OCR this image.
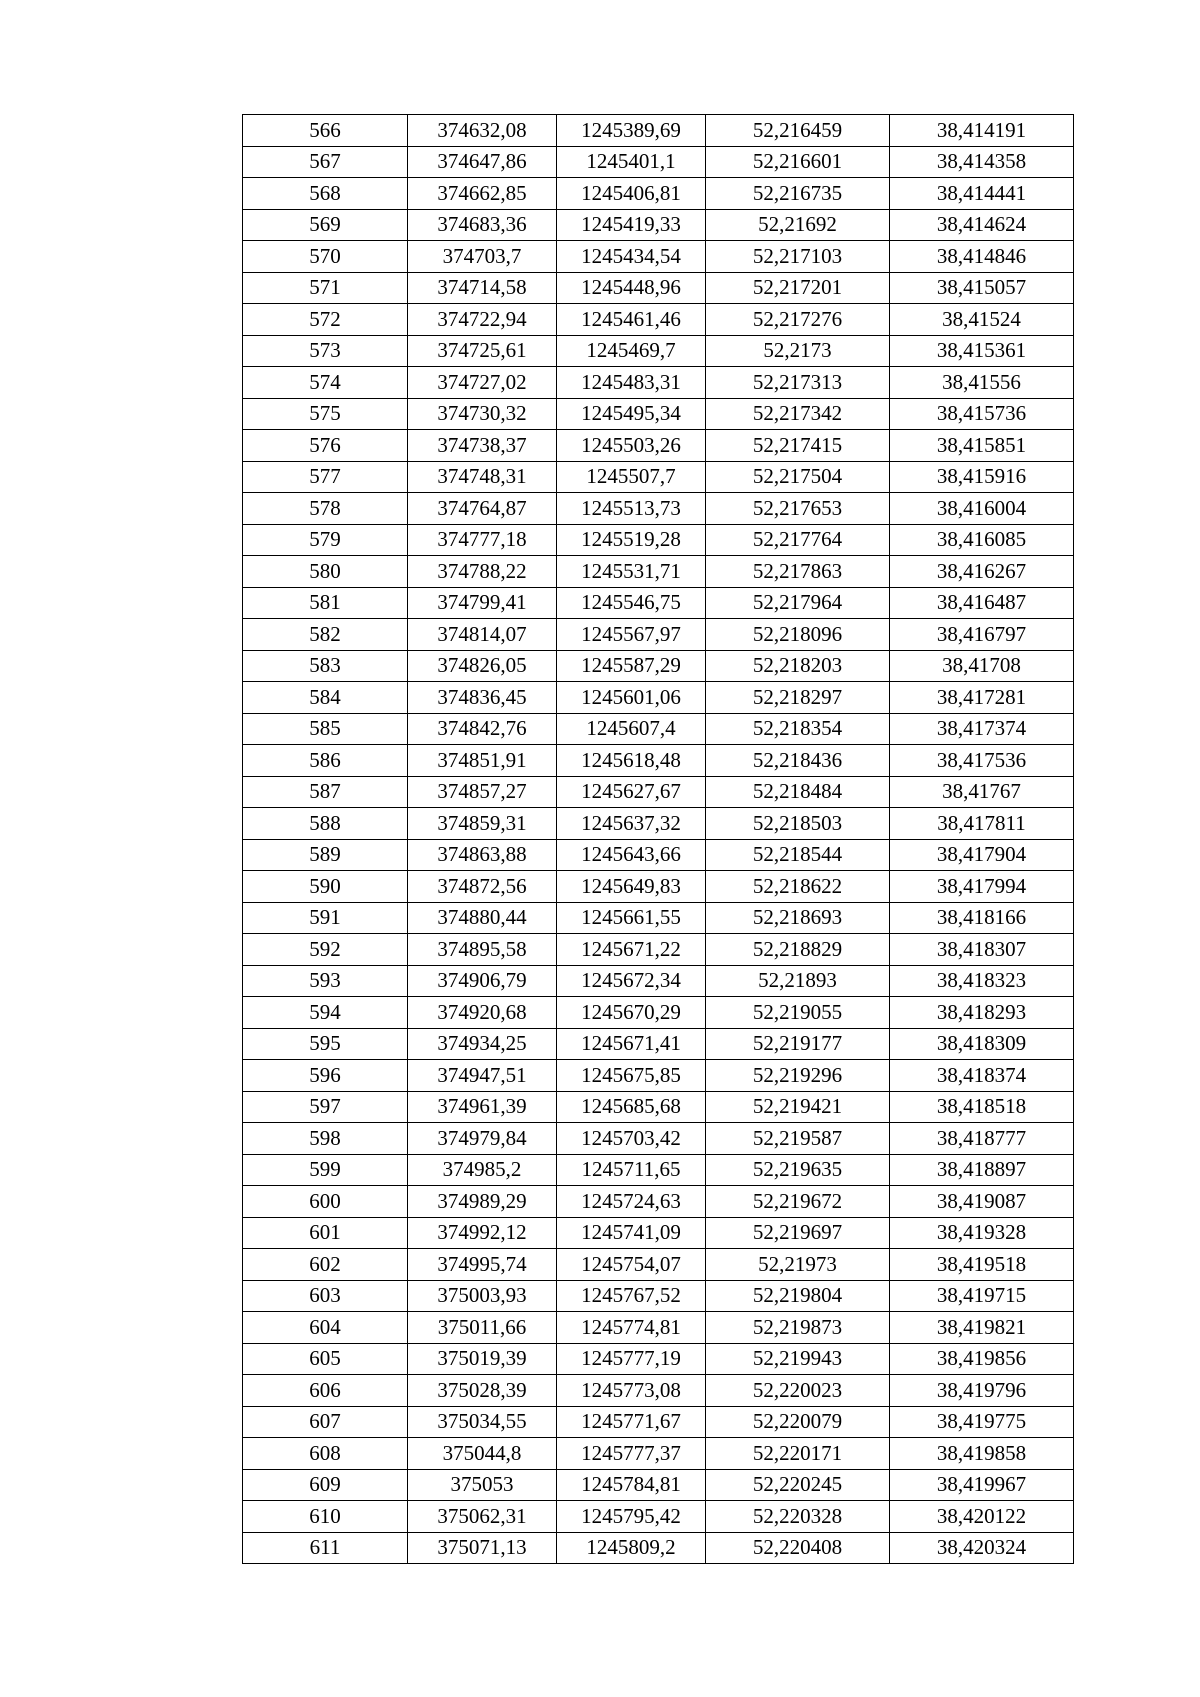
566	374632,08	1245389,69	52,216459	38,414191
567	374647,86	1245401,1	52,216601	38,414358
568	374662,85	1245406,81	52,216735	38,414441
569	374683,36	1245419,33	52,21692	38,414624
570	374703,7	1245434,54	52,217103	38,414846
571	374714,58	1245448,96	52,217201	38,415057
572	374722,94	1245461,46	52,217276	38,41524
573	374725,61	1245469,7	52,2173	38,415361
574	374727,02	1245483,31	52,217313	38,41556
575	374730,32	1245495,34	52,217342	38,415736
576	374738,37	1245503,26	52,217415	38,415851
577	374748,31	1245507,7	52,217504	38,415916
578	374764,87	1245513,73	52,217653	38,416004
579	374777,18	1245519,28	52,217764	38,416085
580	374788,22	1245531,71	52,217863	38,416267
581	374799,41	1245546,75	52,217964	38,416487
582	374814,07	1245567,97	52,218096	38,416797
583	374826,05	1245587,29	52,218203	38,41708
584	374836,45	1245601,06	52,218297	38,417281
585	374842,76	1245607,4	52,218354	38,417374
586	374851,91	1245618,48	52,218436	38,417536
587	374857,27	1245627,67	52,218484	38,41767
588	374859,31	1245637,32	52,218503	38,417811
589	374863,88	1245643,66	52,218544	38,417904
590	374872,56	1245649,83	52,218622	38,417994
591	374880,44	1245661,55	52,218693	38,418166
592	374895,58	1245671,22	52,218829	38,418307
593	374906,79	1245672,34	52,21893	38,418323
594	374920,68	1245670,29	52,219055	38,418293
595	374934,25	1245671,41	52,219177	38,418309
596	374947,51	1245675,85	52,219296	38,418374
597	374961,39	1245685,68	52,219421	38,418518
598	374979,84	1245703,42	52,219587	38,418777
599	374985,2	1245711,65	52,219635	38,418897
600	374989,29	1245724,63	52,219672	38,419087
601	374992,12	1245741,09	52,219697	38,419328
602	374995,74	1245754,07	52,21973	38,419518
603	375003,93	1245767,52	52,219804	38,419715
604	375011,66	1245774,81	52,219873	38,419821
605	375019,39	1245777,19	52,219943	38,419856
606	375028,39	1245773,08	52,220023	38,419796
607	375034,55	1245771,67	52,220079	38,419775
608	375044,8	1245777,37	52,220171	38,419858
609	375053	1245784,81	52,220245	38,419967
610	375062,31	1245795,42	52,220328	38,420122
611	375071,13	1245809,2	52,220408	38,420324
